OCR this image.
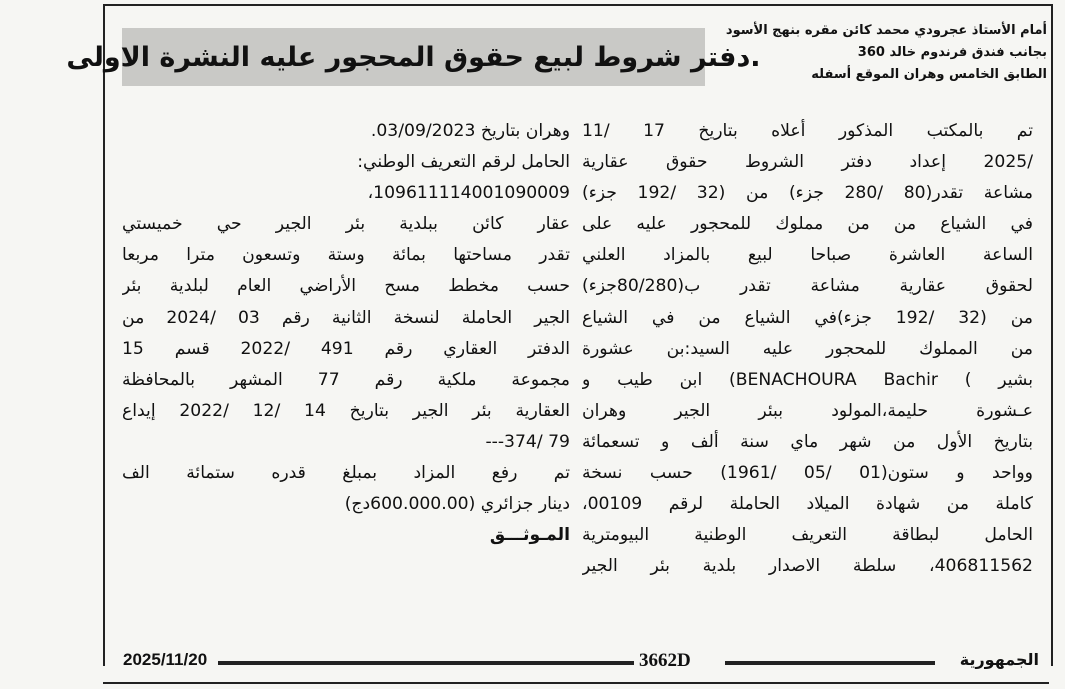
أمام الأستاذ عجرودي محمد كائن مقره بنهج الأسود
بجانب فندق فرندوم خالد 360
الطابق الخامس وهران الموقع أسفله
.دفتر شروط لبيع حقوق المحجور عليه النشرة الاولى
تم بالمكتب المذكور أعلاه بتاريخ 17 /11
/2025 إعداد دفتر الشروط حقوق عقارية
مشاعة تقدر(80 /280 جزء) من (32 /192 جزء)
في الشياع من من مملوك للمحجور عليه على
الساعة العاشرة صباحا لبيع بالمزاد العلني
لحقوق عقارية مشاعة تقدر ب(80/280جزء)
من (32 /192 جزء)في الشياع من في الشياع
من المملوك للمحجور عليه السيد:بن عشورة
بشير ) BENACHOURA Bachir) ابن طيب و
عـشورة حليمة،المولود ببئر الجير وهران
بتاريخ الأول من شهر ماي سنة ألف و تسعمائة
وواحد و ستون(01 /05 /1961) حسب نسخة
كاملة من شهادة الميلاد الحاملة لرقم 00109،
الحامل لبطاقة التعريف الوطنية البيومترية
406811562، سلطة الاصدار بلدية بئر الجير
وهران بتاريخ 03/09/2023.
الحامل لرقم التعريف الوطني:
109611114001090009،
عقار كائن ببلدية بئر الجير حي خميستي
تقدر مساحتها بمائة وستة وتسعون مترا مربعا
حسب مخطط مسح الأراضي العام لبلدية بئر
الجير الحاملة لنسخة الثانية رقم 03 /2024 من
الدفتر العقاري رقم 491 /2022 قسم 15
مجموعة ملكية رقم 77 المشهر بالمحافظة
العقارية بئر الجير بتاريخ 14 /12 /2022 إيداع
79 /374---
تم رفع المزاد بمبلغ قدره ستمائة الف
دينار جزائري (600.000.00دج)
المـوثـــق
2025/11/20	3662D	الجمهورية
